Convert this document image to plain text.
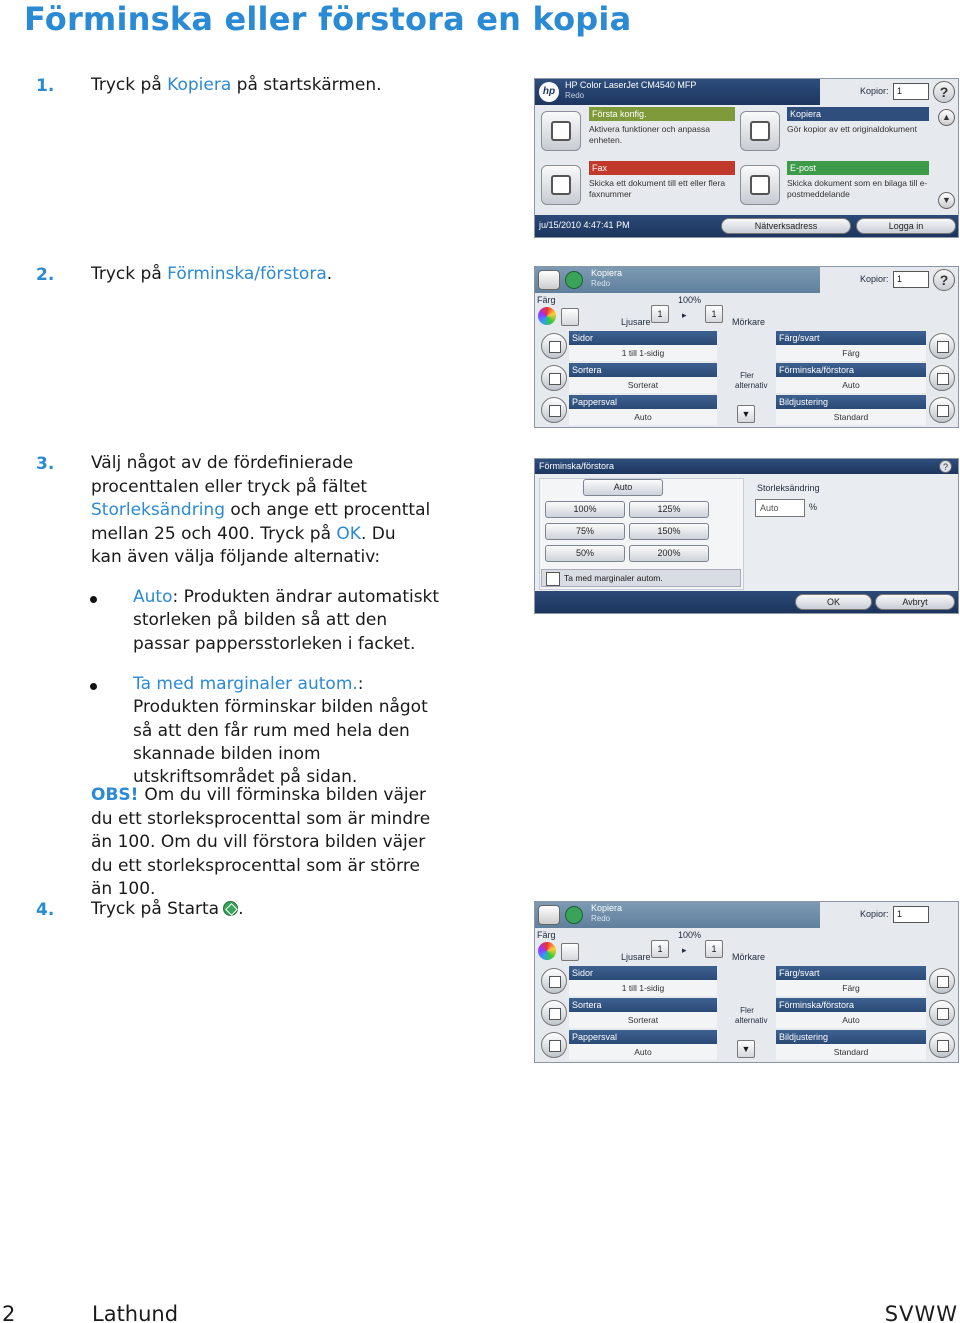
Förminska eller förstora en kopia
1. Tryck på Kopiera på startskärmen.	hp
HP Color LaserJet CM4540 MFP
Redo	Kopior: 1	?
Första konfig.
Aktivera funktioner och anpassa enheten.
Kopiera
Gör kopior av ett originaldokument
Fax
Skicka ett dokument till ett eller flera faxnummer
E-post
Skicka dokument som en bilaga till e-postmeddelande
▲
▼
ju/15/2010 4:47:41 PM	Nätverksadress	Logga in
2. Tryck på Förminska/förstora.	Kopiera
Redo	Kopior: 1	?
Färg	100%
Ljusare
1	▸	1
Mörkare
Sidor
1 till 1-sidig
Färg/svart
Färg
Sortera
Sorterat
Fler alternativ
Förminska/förstora
Auto
Pappersval
Auto	▼
Bildjustering
Standard
3. Välj något av de fördefinierade procenttalen eller tryck på fältet Storleksändring och ange ett procenttal mellan 25 och 400. Tryck på OK. Du kan även välja följande alternativ:
Auto: Produkten ändrar automatiskt storleken på bilden så att den passar pappersstorleken i facket.
Ta med marginaler autom.: Produkten förminskar bilden något så att den får rum med hela den skannade bilden inom utskriftsområdet på sidan.
OBS! Om du vill förminska bilden väjer du ett storleksprocenttal som är mindre än 100. Om du vill förstora bilden väjer du ett storleksprocenttal som är större än 100.
Förminska/förstora	?
Auto
100%	125%
75%	150%
50%	200%
Ta med marginaler autom.
Storleksändring
Auto	%
OK	Avbryt
4. Tryck på Starta .	Kopiera
Redo	Kopior: 1
Färg	100%
Ljusare
1	▸	1
Mörkare
Sidor
1 till 1-sidig
Färg/svart
Färg
Sortera
Sorterat
Fler alternativ
Förminska/förstora
Auto
Pappersval
Auto	▼
Bildjustering
Standard
2	Lathund	SVWW
